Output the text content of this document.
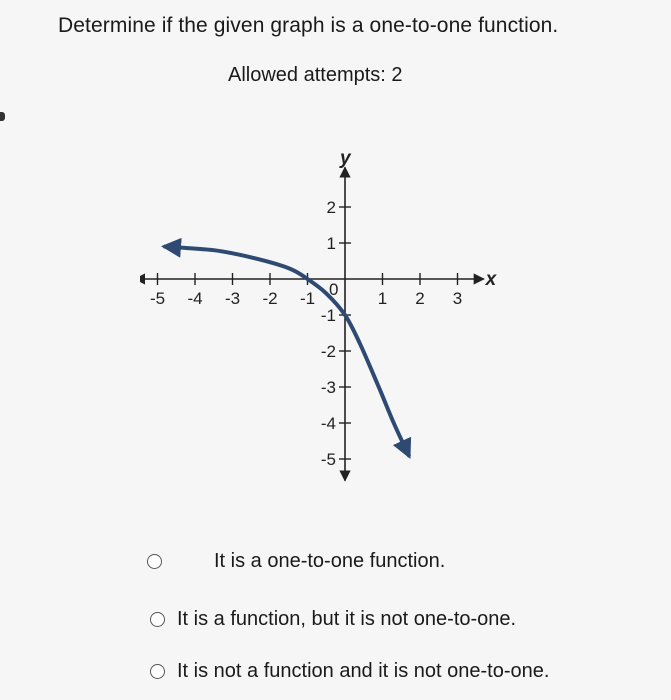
Determine if the given graph is a one-to-one function.
Allowed attempts: 2
-5 -4 -3 -2 -1	1 2 3
2
1
-1
-2
-3
-4
-5
x
y
0
It is a one-to-one function.
It is a function, but it is not one-to-one.
It is not a function and it is not one-to-one.
